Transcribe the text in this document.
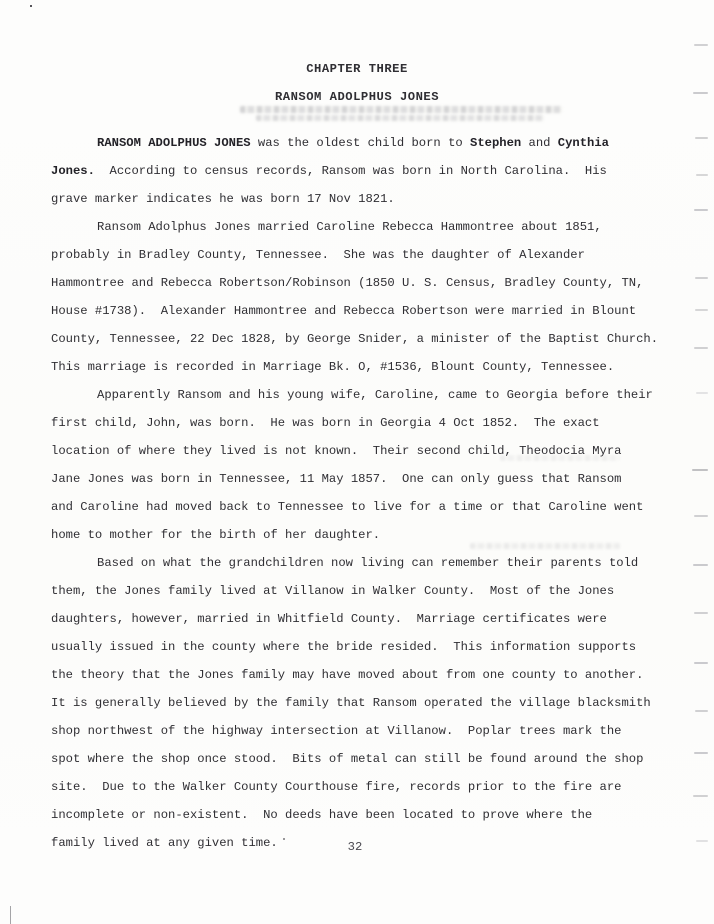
CHAPTER THREE
RANSOM ADOLPHUS JONES
RANSOM ADOLPHUS JONES was the oldest child born to Stephen and Cynthia
Jones.  According to census records, Ransom was born in North Carolina.  His
grave marker indicates he was born 17 Nov 1821.
Ransom Adolphus Jones married Caroline Rebecca Hammontree about 1851,
probably in Bradley County, Tennessee.  She was the daughter of Alexander
Hammontree and Rebecca Robertson/Robinson (1850 U. S. Census, Bradley County, TN,
House #1738).  Alexander Hammontree and Rebecca Robertson were married in Blount
County, Tennessee, 22 Dec 1828, by George Snider, a minister of the Baptist Church.
This marriage is recorded in Marriage Bk. O, #1536, Blount County, Tennessee.
Apparently Ransom and his young wife, Caroline, came to Georgia before their
first child, John, was born.  He was born in Georgia 4 Oct 1852.  The exact
location of where they lived is not known.  Their second child, Theodocia Myra
Jane Jones was born in Tennessee, 11 May 1857.  One can only guess that Ransom
and Caroline had moved back to Tennessee to live for a time or that Caroline went
home to mother for the birth of her daughter.
Based on what the grandchildren now living can remember their parents told
them, the Jones family lived at Villanow in Walker County.  Most of the Jones
daughters, however, married in Whitfield County.  Marriage certificates were
usually issued in the county where the bride resided.  This information supports
the theory that the Jones family may have moved about from one county to another.
It is generally believed by the family that Ransom operated the village blacksmith
shop northwest of the highway intersection at Villanow.  Poplar trees mark the
spot where the shop once stood.  Bits of metal can still be found around the shop
site.  Due to the Walker County Courthouse fire, records prior to the fire are
incomplete or non-existent.  No deeds have been located to prove where the
family lived at any given time.	32
